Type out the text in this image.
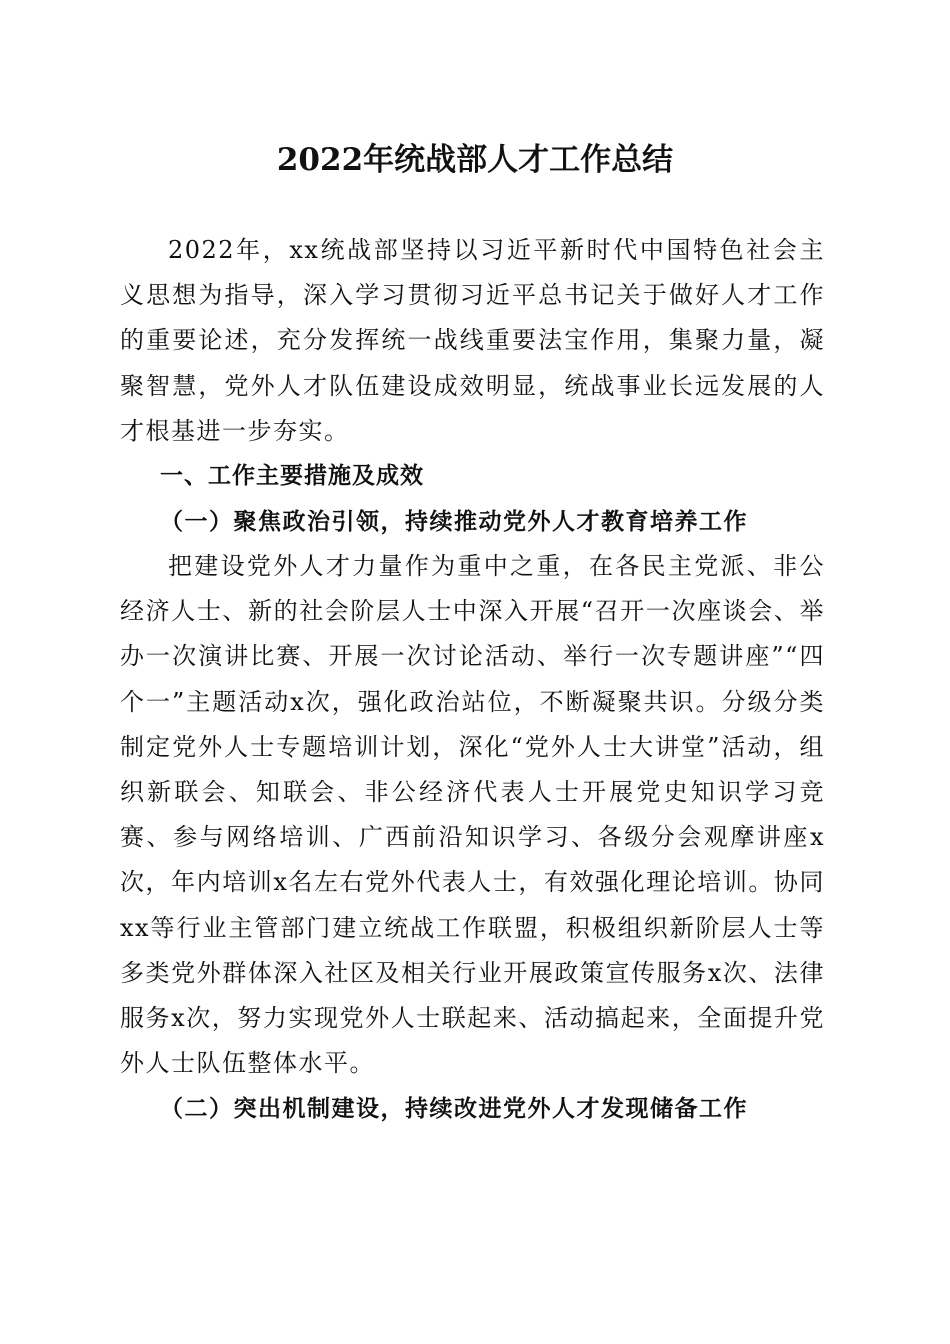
2022年统战部人才工作总结

2022年，xx统战部坚持以习近平新时代中国特色社会主义思想为指导，深入学习贯彻习近平总书记关于做好人才工作的重要论述，充分发挥统一战线重要法宝作用，集聚力量，凝聚智慧，党外人才队伍建设成效明显，统战事业长远发展的人才根基进一步夯实。

一、工作主要措施及成效

（一）聚焦政治引领，持续推动党外人才教育培养工作

把建设党外人才力量作为重中之重，在各民主党派、非公经济人士、新的社会阶层人士中深入开展“召开一次座谈会、举办一次演讲比赛、开展一次讨论活动、举行一次专题讲座”“四个一”主题活动x次，强化政治站位，不断凝聚共识。分级分类制定党外人士专题培训计划，深化“党外人士大讲堂”活动，组织新联会、知联会、非公经济代表人士开展党史知识学习竞赛、参与网络培训、广西前沿知识学习、各级分会观摩讲座x次，年内培训x名左右党外代表人士，有效强化理论培训。协同xx等行业主管部门建立统战工作联盟，积极组织新阶层人士等多类党外群体深入社区及相关行业开展政策宣传服务x次、法律服务x次，努力实现党外人士联起来、活动搞起来，全面提升党外人士队伍整体水平。

（二）突出机制建设，持续改进党外人才发现储备工作
